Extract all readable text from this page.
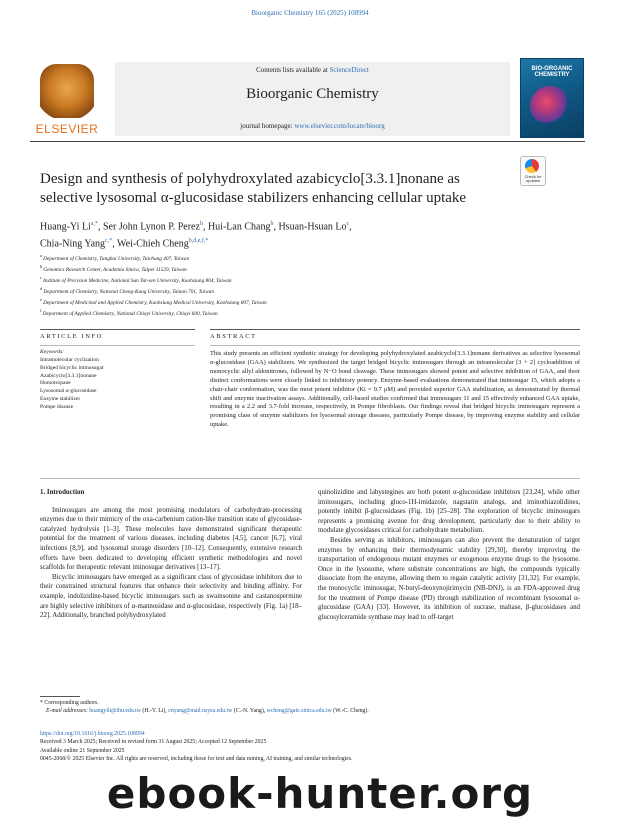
Bioorganic Chemistry 165 (2025) 108994
ELSEVIER
Contents lists available at ScienceDirect
Bioorganic Chemistry
journal homepage: www.elsevier.com/locate/bioorg
BIO-ORGANIC CHEMISTRY
Design and synthesis of polyhydroxylated azabicyclo[3.3.1]nonane as selective lysosomal α-glucosidase stabilizers enhancing cellular uptake
Check for updates
Huang-Yi $Li^{a,*}$, Ser John Lynon P. Perez$^b$, Hui-Lan Chang$^b$, Hsuan-Hsuan Lo$^c$,
Chia-Ning Yang$^{c,*}$, Wei-Chieh Cheng$^{b,d,e,f,*}$
$^a$ Department of Chemistry, Tunghai University, Taichung 407, Taiwan
$^b$ Genomics Research Center, Academia Sinica, Taipei 11529, Taiwan
$^c$ Institute of Precision Medicine, National Sun Yat-sen University, Kaohsiung 804, Taiwan
$^d$ Department of Chemistry, National Cheng-Kung University, Tainan 701, Taiwan
$^e$ Department of Medicinal and Applied Chemistry, Kaohsiung Medical University, Kaohsiung 807, Taiwan
$^f$ Department of Applied Chemistry, National Chiayi University, Chiayi 600, Taiwan
ARTICLE INFO	ABSTRACT
Keywords:
Intramolecular cyclization
Bridged bicyclic iminosugar
Azabicyclo[3.3.1]nonane
Homotropane
Lysosomal α-glucosidase
Enzyme stabilizer
Pompe disease
This study presents an efficient synthetic strategy for developing polyhydroxylated azabicyclo[3.3.1]nonane derivatives as selective lysosomal α-glucosidase (GAA) stabilizers. We synthesized the target bridged bicyclic iminosugars through an intramolecular [3 + 2] cycloaddition of monocyclic allyl aldonitrones, followed by N−O bond cleavage. These iminosugars showed potent and selective inhibition of GAA, and their distinct conformations were closely linked to inhibitory potency. Enzyme-based evaluations demonstrated that iminosugar 15, which adopts a chair-chair conformation, was the most potent inhibitor (Ki = 0.7 μM) and provided superior GAA stabilization, as demonstrated by thermal shift and enzyme inactivation assays. Additionally, cell-based studies confirmed that iminosugars 11 and 15 effectively enhanced GAA uptake, resulting in a 2.2 and 3.7-fold increase, respectively, in Pompe fibroblasts. Our findings reveal that bridged bicyclic iminosugars represent a promising class of enzyme stabilizers for lysosomal storage diseases, particularly Pompe disease, by improving enzyme stability and cellular uptake.
1. Introduction
Iminosugars are among the most promising modulators of carbohydrate-processing enzymes due to their mimicry of the oxa-carbenium cation-like transition state of glycosidase-catalyzed hydrolysis [1–3]. These molecules have demonstrated significant therapeutic potential for the treatment of various diseases, including diabetes [4,5], cancer [6,7], viral infections [8,9], and lysosomal storage disorders [10–12]. Consequently, extensive research efforts have been dedicated to developing efficient synthetic methodologies and novel scaffolds for therapeutic relevant iminosugar derivatives [13–17].
Bicyclic iminosugars have emerged as a significant class of glycosidase inhibitors due to their constrained structural features that enhance their selectivity and binding affinity. For example, indolizidine-based bicyclic iminosugars such as swainsonine and castanospermine are highly selective inhibitors of α-mannosidase and α-glucosidase, respectively (Fig. 1a) [18–22]. Additionally, branched polyhydroxylated
quinolizidine and labystegines are both potent α-glucosidase inhibitors [23,24], while other iminosugars, including gluco-1H-imidazole, nagstatin analogs, and iminothiazolidines, potently inhibit β-glucosidases (Fig. 1b) [25–28]. The exploration of bicyclic iminosugars represents a promising avenue for drug development, particularly due to their ability to modulate glycosidases critical for carbohydrate metabolism.
Besides serving as inhibitors, iminosugars can also prevent the denaturation of target enzymes by enhancing their thermodynamic stability [29,30], thereby improving the transportation of endogenous mutant enzymes or exogenous enzyme drugs to the lysosome. Once in the lysosome, where substrate concentrations are high, the compounds typically dissociate from the enzyme, allowing them to regain catalytic activity [31,32]. For example, the monocyclic iminosugar, N-butyl-deoxynojirimycin (NB-DNJ), is an FDA-approved drug for the treatment of Pompe disease (PD) through stabilization of recombinant lysosomal α-glucosidase (GAA) [33]. However, its inhibition of sucrase, maltase, β-glucosidases and glucosylceramide synthase may lead to off-target
* Corresponding authors.
E-mail addresses: huangyili@thu.edu.tw (H.-Y. Li), cnyang@mail.nsysu.edu.tw (C.-N. Yang), wcheng@gate.sinica.edu.tw (W.-C. Cheng).
https://doi.org/10.1016/j.bioorg.2025.108994
Received 3 March 2025; Received in revised form 31 August 2025; Accepted 12 September 2025
Available online 21 September 2025
0045-2068/© 2025 Elsevier Inc. All rights are reserved, including those for text and data mining, AI training, and similar technologies.
ebook-hunter.org
